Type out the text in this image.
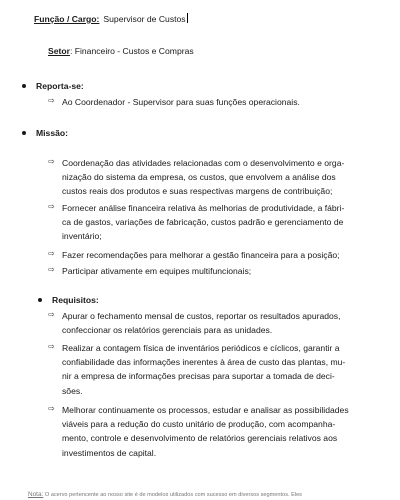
Função / Cargo: Supervisor de Custos
Setor: Financeiro - Custos e Compras
Reporta-se:
⇨ Ao Coordenador - Supervisor para suas funções operacionais.

Missão:
⇨ Coordenação das atividades relacionadas com o desenvolvimento e orga-

nização do sistema da empresa, os custos, que envolvem a análise dos

custos reais dos produtos e suas respectivas margens de contribuição;

⇨ Fornecer análise financeira relativa às melhorias de produtividade, a fábri-

ca de gastos, variações de fabricação, custos padrão e gerenciamento de

inventário;

⇨ Fazer recomendações para melhorar a gestão financeira para a posição;

⇨ Participar ativamente em equipes multifuncionais;

Requisitos:
⇨ Apurar o fechamento mensal de custos, reportar os resultados apurados,

confeccionar os relatórios gerenciais para as unidades.

⇨ Realizar a contagem física de inventários periódicos e cíclicos, garantir a

confiabilidade das informações inerentes à área de custo das plantas, mu-

nir a empresa de informações precisas para suportar a tomada de deci-

sões.

⇨ Melhorar continuamente os processos, estudar e analisar as possibilidades

viáveis para a redução do custo unitário de produção, com acompanha-

mento, controle e desenvolvimento de relatórios gerenciais relativos aos

investimentos de capital.

Nota: O acervo pertencente ao nosso site é de modelos utilizados com sucesso em diversos segmentos. Eles
